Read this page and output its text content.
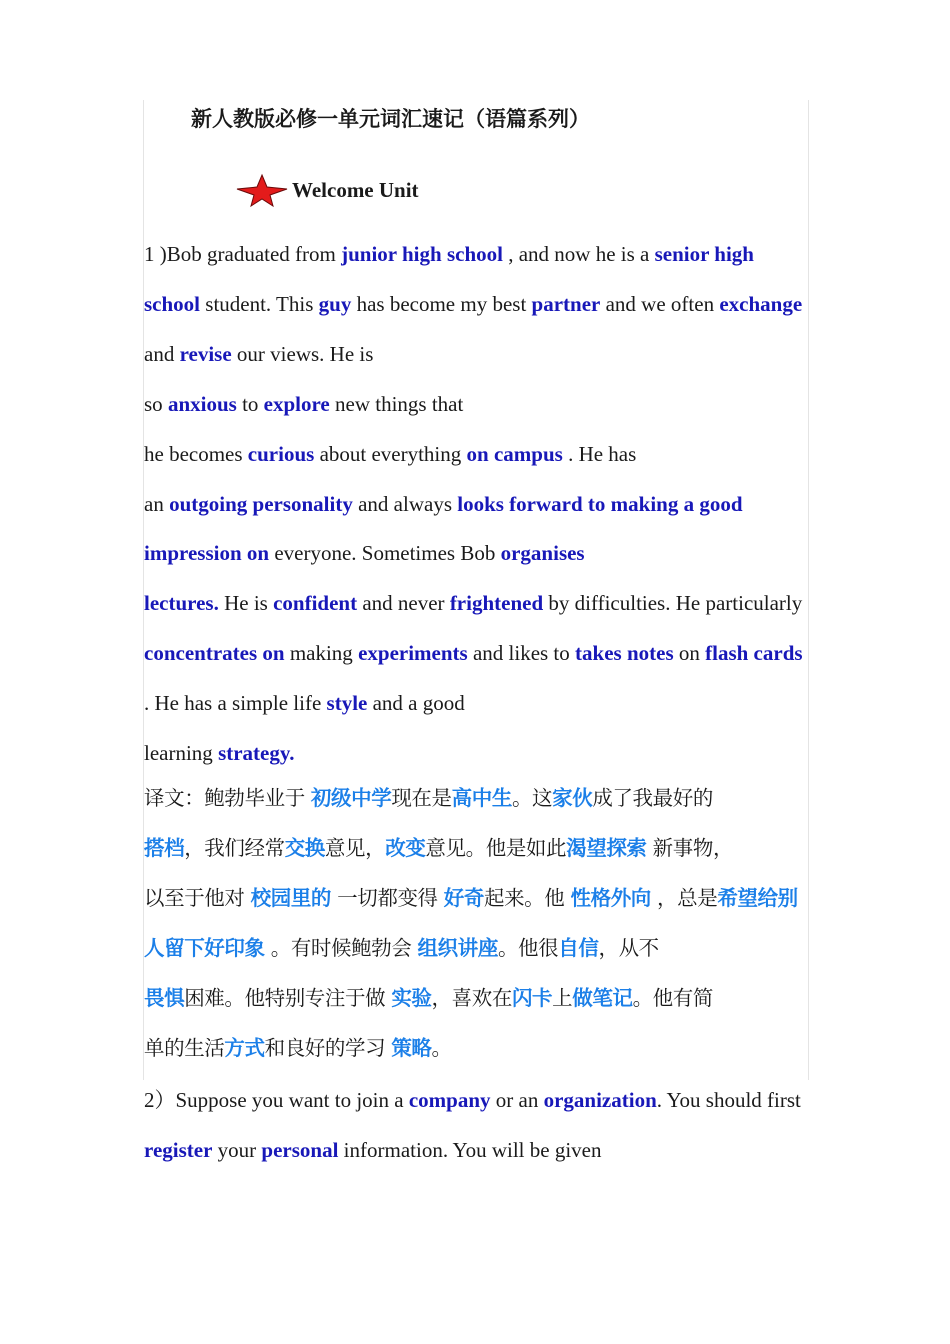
新人教版必修一单元词汇速记（语篇系列）
Welcome Unit

1 )Bob graduated from junior high school , and now he is a senior high school student. This guy has become my best partner and we often exchange and revise our views. He is
so anxious to explore new things that
he becomes curious about everything on campus . He has
an outgoing personality and always looks forward to making a good impression on everyone. Sometimes Bob organises
lectures. He is confident and never frightened by difficulties. He particularly concentrates on making experiments and likes to takes notes on flash cards . He has a simple life style and a good
learning strategy.

译文：鲍勃毕业于 初级中学现在是高中生。这家伙成了我最好的
搭档，我们经常交换意见，改变意见。他是如此渴望探索 新事物，
以至于他对 校园里的 一切都变得 好奇起来。他 性格外向 ，总是希望给别人留下好印象 。有时候鲍勃会 组织讲座。他很自信，从不
畏惧困难。他特别专注于做 实验，喜欢在闪卡上做笔记。他有简
单的生活方式和良好的学习 策略。

2）Suppose you want to join a company or an organization. You should first register your personal information. You will be given
